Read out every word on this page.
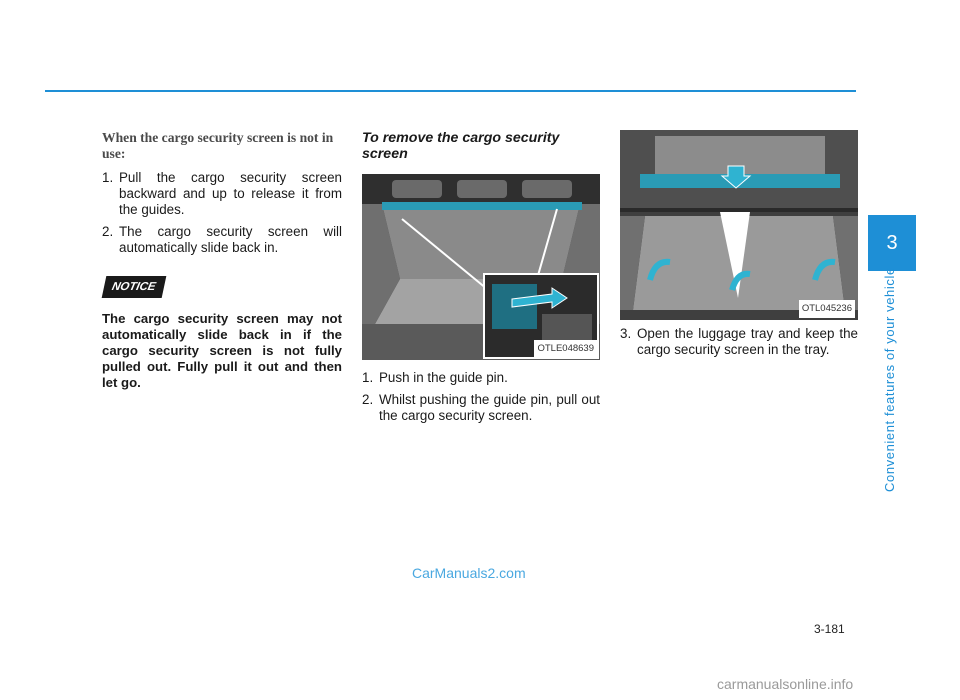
When the cargo security screen is not in use:
1. Pull the cargo security screen backward and up to release it from the guides.
2. The cargo security screen will automatically slide back in.
NOTICE
The cargo security screen may not automatically slide back in if the cargo security screen is not fully pulled out. Fully pull it out and then let go.
To remove the cargo security screen
OTLE048639
1. Push in the guide pin.
2. Whilst pushing the guide pin, pull out the cargo security screen.
OTL045236
3. Open the luggage tray and keep the cargo security screen in the tray.
3
Convenient features of your vehicle
3-181
CarManuals2.com
carmanualsonline.info
